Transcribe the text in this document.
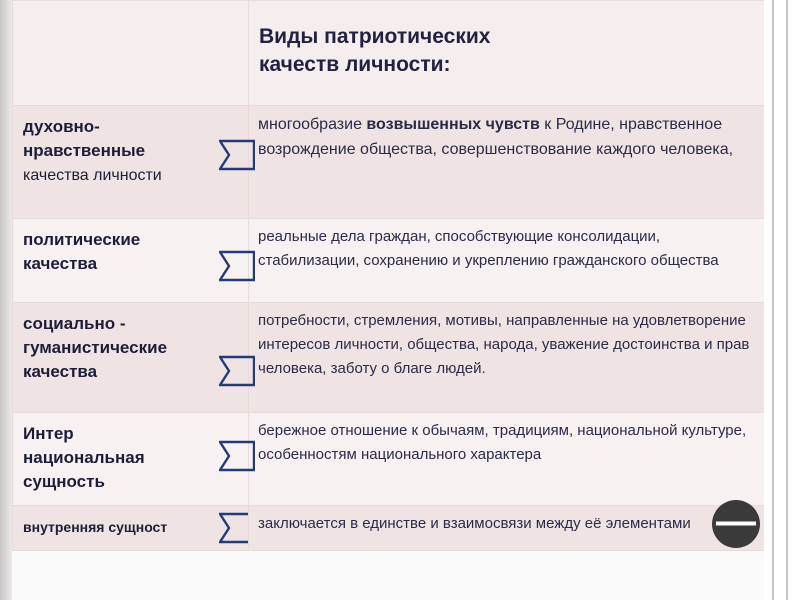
	Виды патриотических
качеств личности:

духовно-нравственные
качества личности	многообразие возвышенных чувств к Родине, нравственное возрождение общества, совершенствование каждого человека,

политические качества	реальные дела граждан, способствующие консолидации, стабилизации, сохранению и укреплению гражданского общества

социально - гуманистические качества	потребности, стремления, мотивы, направленные на удовлетворение интересов личности, общества, народа, уважение достоинства и прав человека, заботу о благе людей.

Интер национальная сущность	бережное отношение к обычаям, традициям, национальной культуре, особенностям национального характера

внутренняя сущност	заключается в единстве и взаимосвязи между её элементами
